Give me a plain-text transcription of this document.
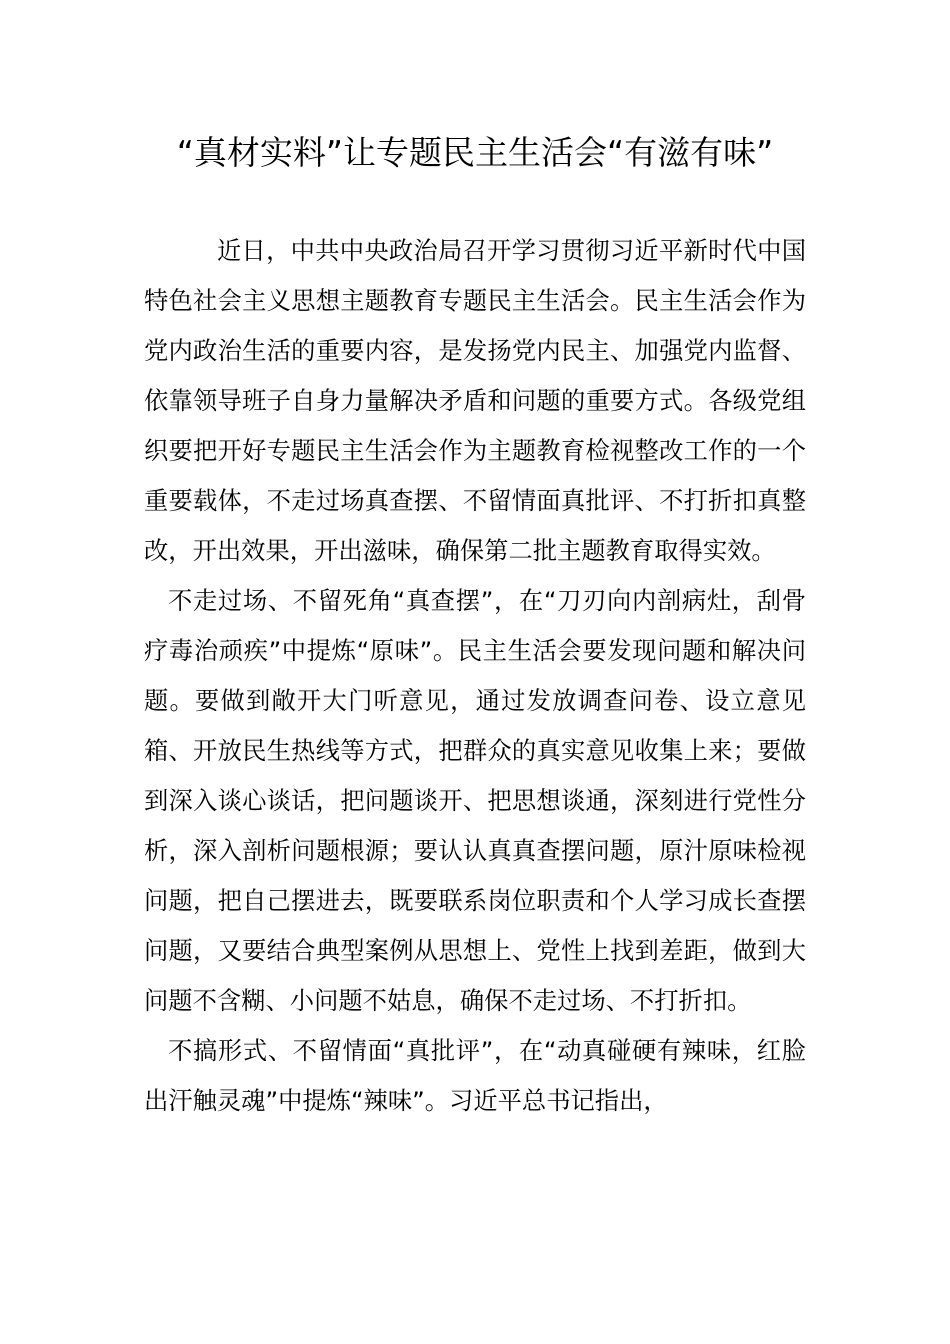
“真材实料”让专题民主生活会“有滋有味”

近日，中共中央政治局召开学习贯彻习近平新时代中国特色社会主义思想主题教育专题民主生活会。民主生活会作为党内政治生活的重要内容，是发扬党内民主、加强党内监督、依靠领导班子自身力量解决矛盾和问题的重要方式。各级党组织要把开好专题民主生活会作为主题教育检视整改工作的一个重要载体，不走过场真查摆、不留情面真批评、不打折扣真整改，开出效果，开出滋味，确保第二批主题教育取得实效。

不走过场、不留死角“真查摆”，在“刀刃向内剖病灶，刮骨疗毒治顽疾”中提炼“原味”。民主生活会要发现问题和解决问题。要做到敞开大门听意见，通过发放调查问卷、设立意见箱、开放民生热线等方式，把群众的真实意见收集上来；要做到深入谈心谈话，把问题谈开、把思想谈通，深刻进行党性分析，深入剖析问题根源；要认认真真查摆问题，原汁原味检视问题，把自己摆进去，既要联系岗位职责和个人学习成长查摆问题，又要结合典型案例从思想上、党性上找到差距，做到大问题不含糊、小问题不姑息，确保不走过场、不打折扣。

不搞形式、不留情面“真批评”，在“动真碰硬有辣味，红脸出汗触灵魂”中提炼“辣味”。习近平总书记指出，
